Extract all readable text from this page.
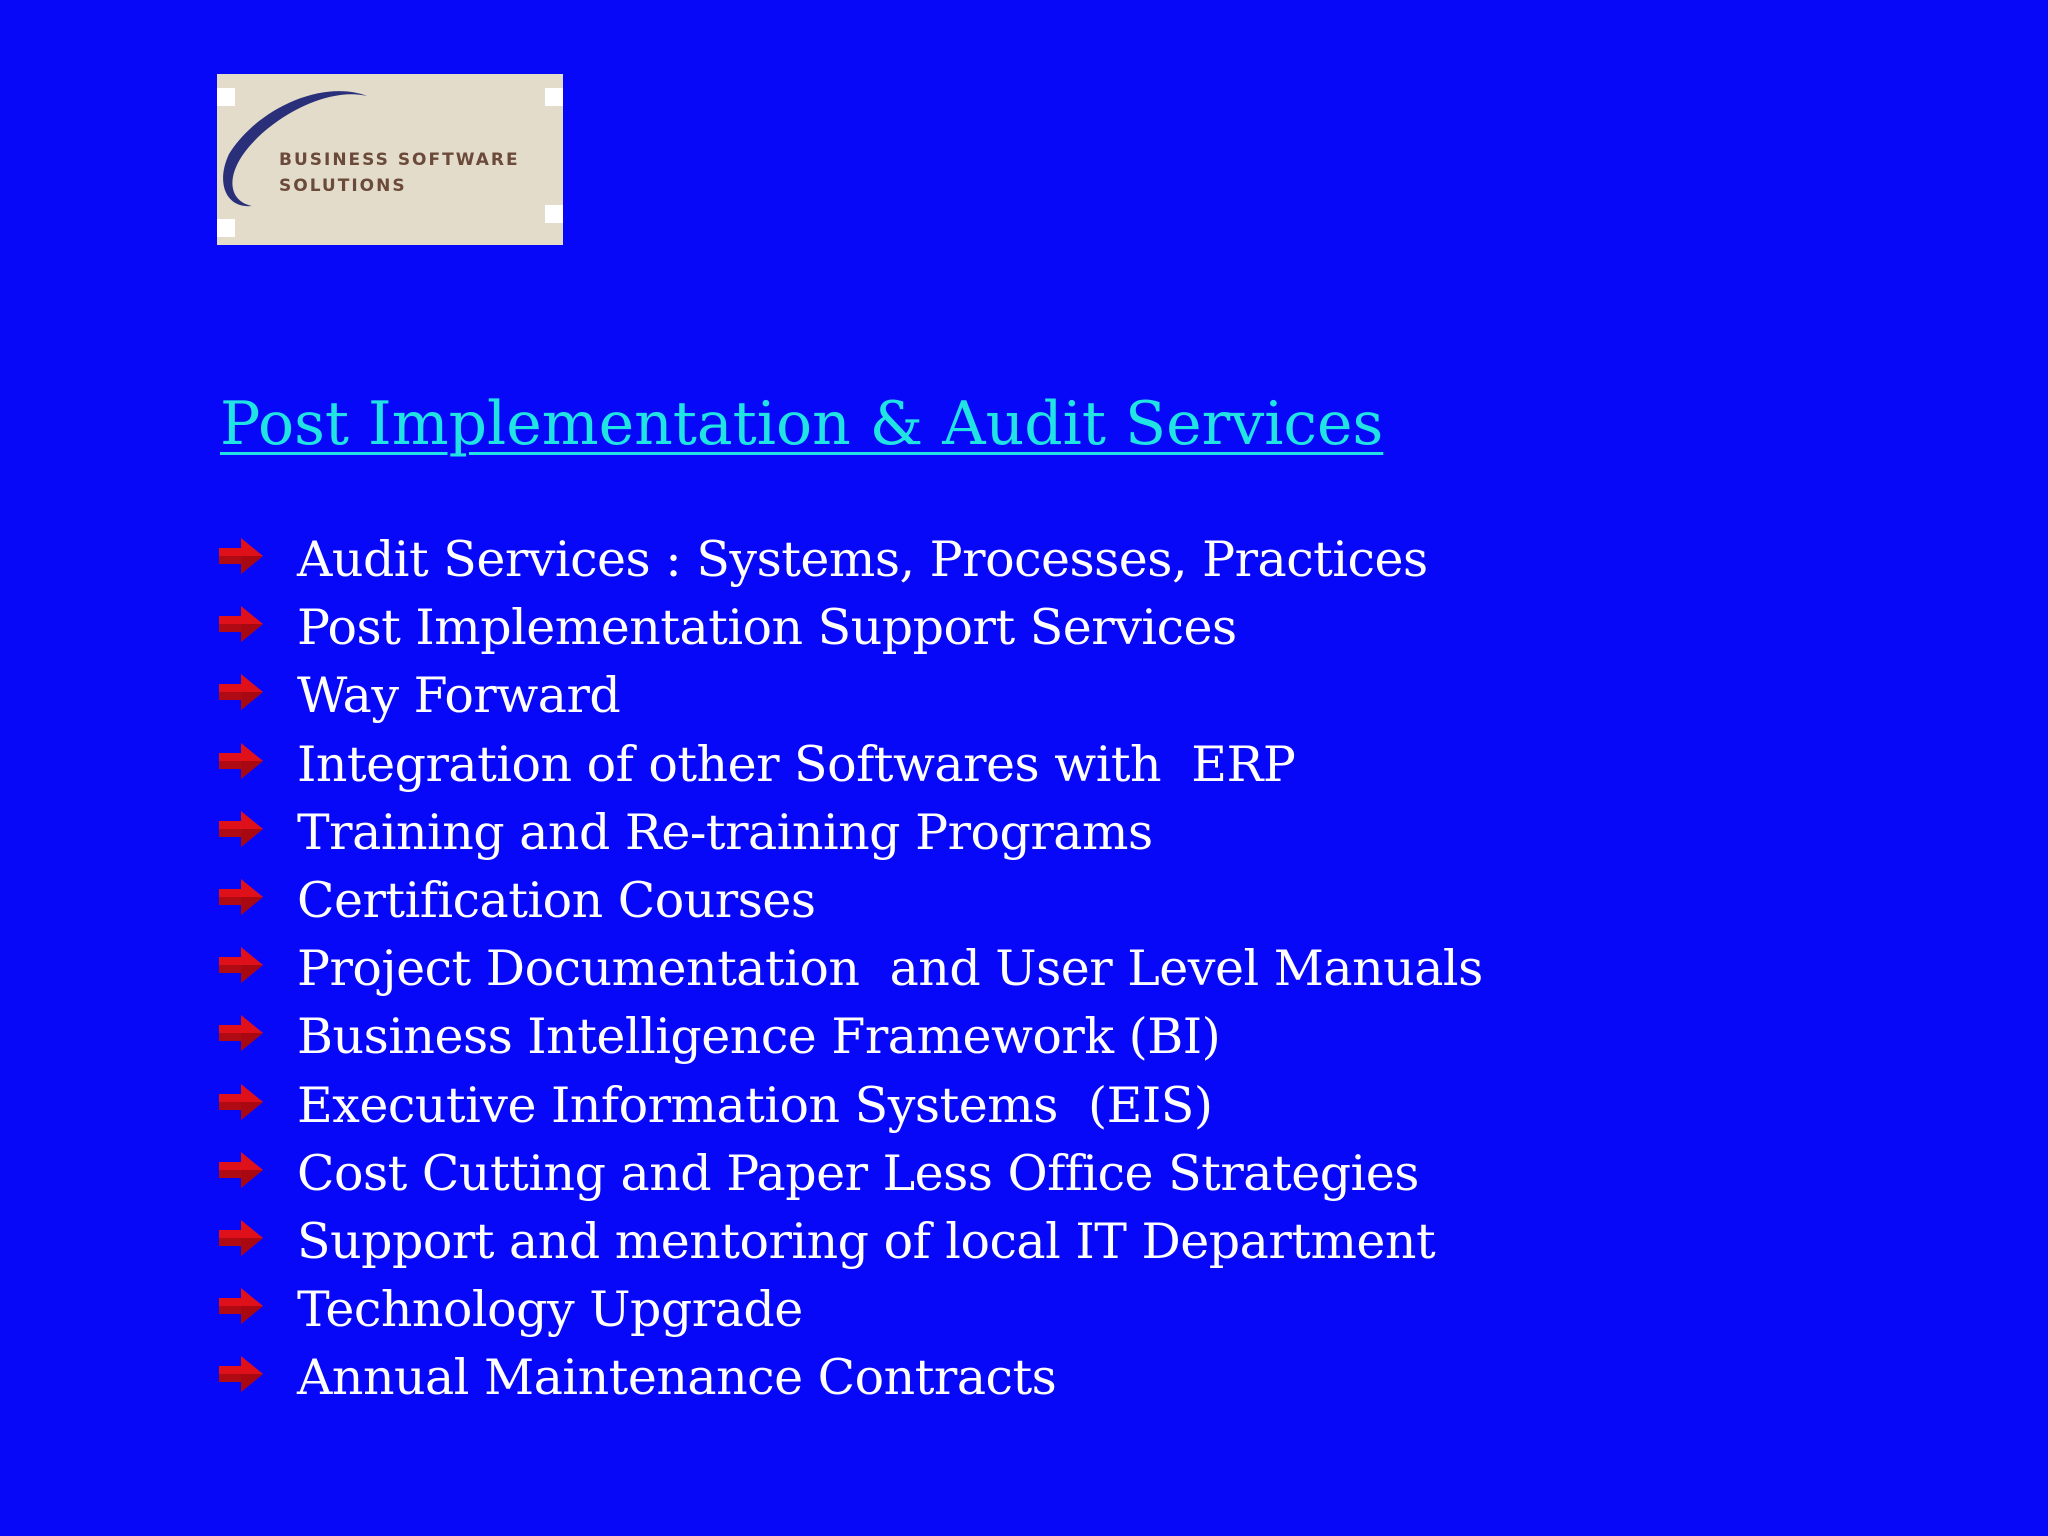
BUSINESS SOFTWARE
SOLUTIONS
Post Implementation & Audit Services
Audit Services : Systems, Processes, Practices
Post Implementation Support Services
Way Forward
Integration of other Softwares with  ERP
Training and Re-training Programs
Certification Courses
Project Documentation  and User Level Manuals
Business Intelligence Framework (BI)
Executive Information Systems  (EIS)
Cost Cutting and Paper Less Office Strategies
Support and mentoring of local IT Department
Technology Upgrade
Annual Maintenance Contracts
